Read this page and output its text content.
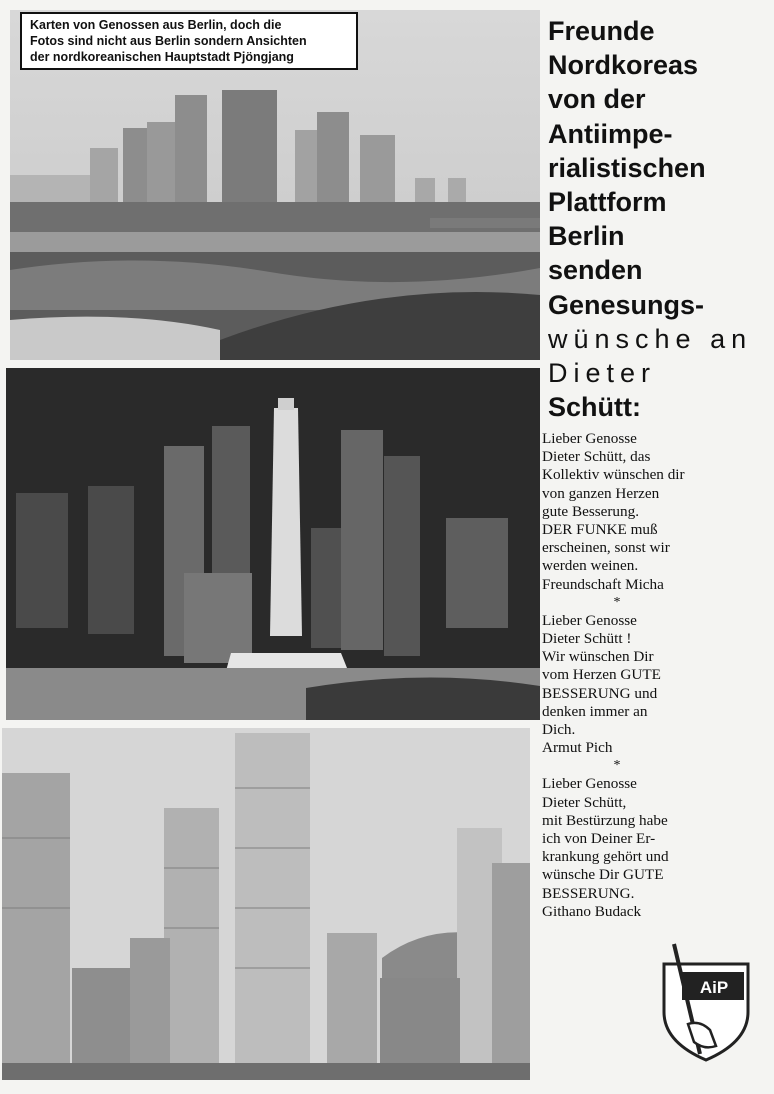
Karten von Genossen aus Berlin, doch die
Fotos sind nicht aus Berlin sondern Ansichten
der nordkoreanischen Hauptstadt Pjöngjang
Freunde
Nordkoreas
von der
Antiimpe-
rialistischen
Plattform
Berlin
senden
Genesungs-
wünsche an
Dieter
Schütt:
Lieber Genosse
Dieter Schütt, das
Kollektiv wünschen dir
von ganzen Herzen
gute Besserung.
DER FUNKE muß
erscheinen, sonst wir
werden weinen.
Freundschaft Micha
*
Lieber Genosse
Dieter Schütt !
Wir wünschen Dir
vom Herzen GUTE
BESSERUNG und
denken immer an
Dich.
Armut Pich
*
Lieber Genosse
Dieter Schütt,
mit Bestürzung habe
ich von Deiner Er-
krankung gehört und
wünsche Dir GUTE
BESSERUNG.
Githano Budack
AiP
